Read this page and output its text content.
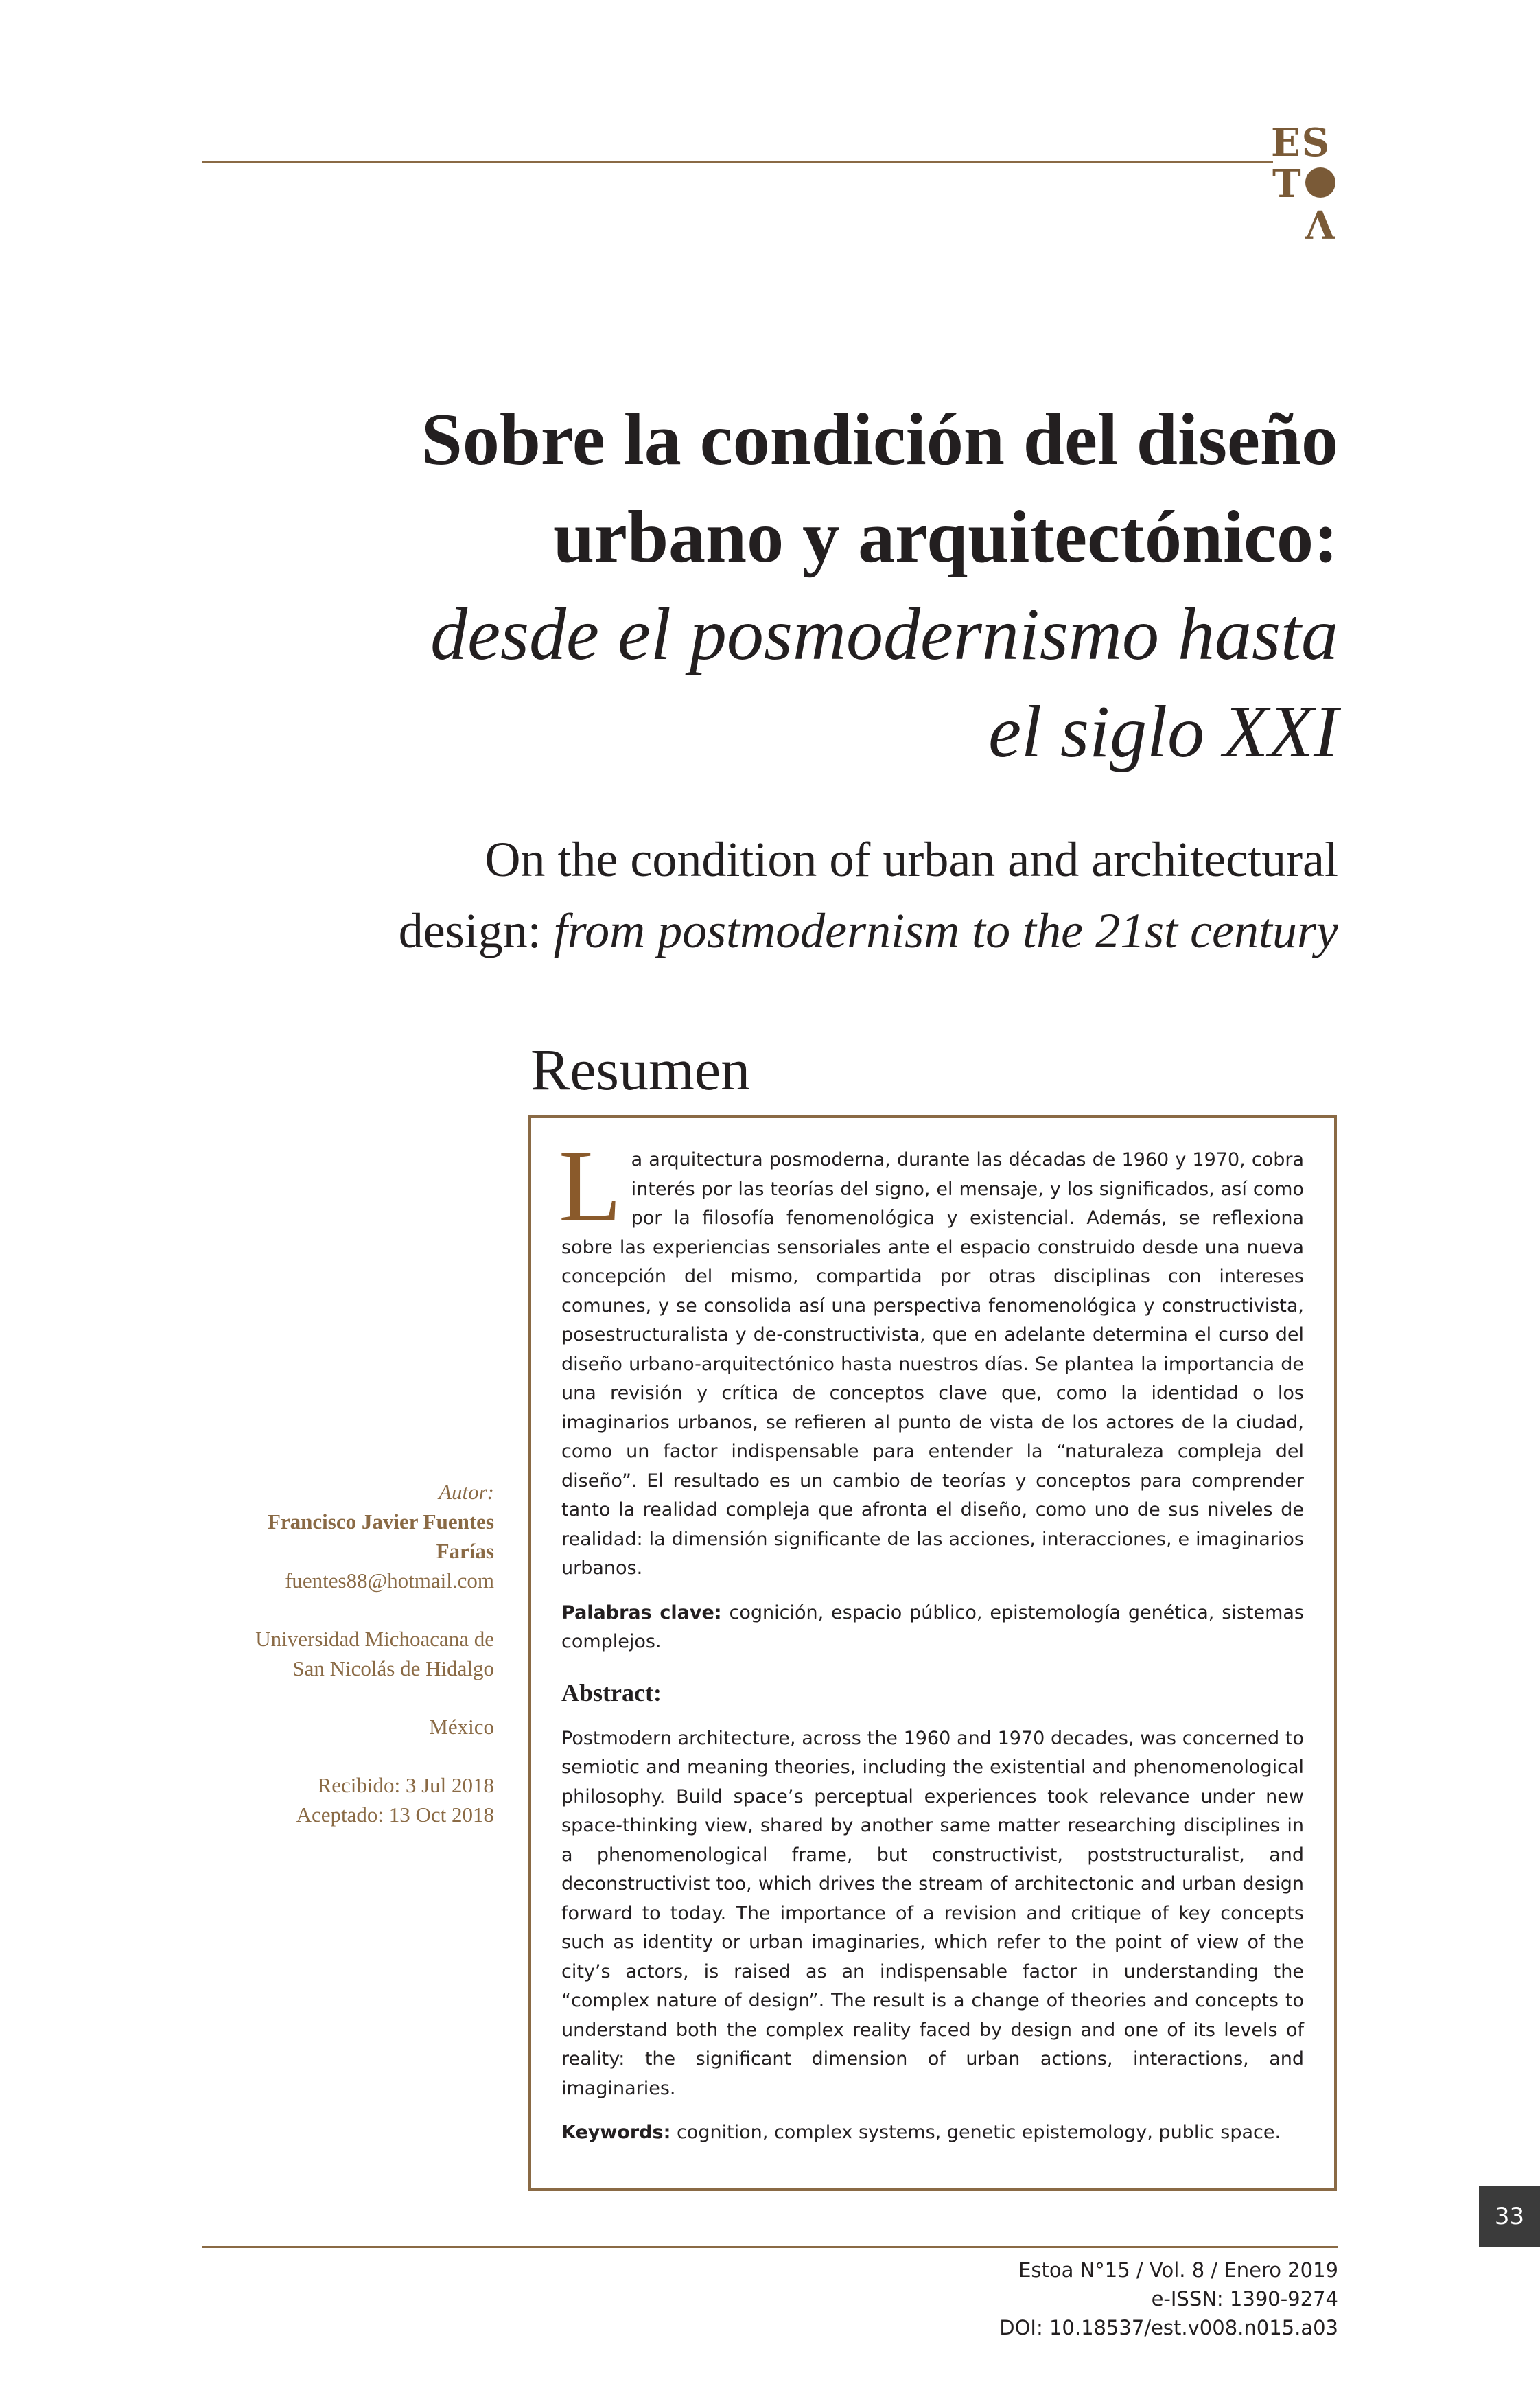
ES
T
V
Sobre la condición del diseño
urbano y arquitectónico:
desde el posmodernismo hasta
el siglo XXI
On the condition of urban and architectural
design: from postmodernism to the 21st century
Resumen

La arquitectura posmoderna, durante las décadas de 1960 y 1970, cobra interés por las teorías del signo, el mensaje, y los significados, así como por la filosofía fenomenológica y existencial. Además, se reflexiona sobre las experiencias sensoriales ante el espacio construido desde una nueva concepción del mismo, compartida por otras disciplinas con intereses comunes, y se consolida así una perspectiva fenomenológica y constructivista, posestructuralista y de-constructivista, que en adelante determina el curso del diseño urbano-arquitectónico hasta nuestros días. Se plantea la importancia de una revisión y crítica de conceptos clave que, como la identidad o los imaginarios urbanos, se refieren al punto de vista de los actores de la ciudad, como un factor indispensable para entender la “naturaleza compleja del diseño”. El resultado es un cambio de teorías y conceptos para comprender tanto la realidad compleja que afronta el diseño, como uno de sus niveles de realidad: la dimensión significante de las acciones, interacciones, e imaginarios urbanos.

Palabras clave: cognición, espacio público, epistemología genética, sistemas complejos.

Abstract:

Postmodern architecture, across the 1960 and 1970 decades, was concerned to semiotic and meaning theories, including the existential and phenomenological philosophy. Build space’s perceptual experiences took relevance under new space-thinking view, shared by another same matter researching disciplines in a phenomenological frame, but constructivist, poststructuralist, and deconstructivist too, which drives the stream of architectonic and urban design forward to today. The importance of a revision and critique of key concepts such as identity or urban imaginaries, which refer to the point of view of the city’s actors, is raised as an indispensable factor in understanding the “complex nature of design”. The result is a change of theories and concepts to understand both the complex reality faced by design and one of its levels of reality: the significant dimension of urban actions, interactions, and imaginaries.

Keywords: cognition, complex systems, genetic epistemology, public space.

Autor:
Francisco Javier Fuentes
Farías
fuentes88@hotmail.com
Universidad Michoacana de
San Nicolás de Hidalgo
México
Recibido: 3 Jul 2018
Aceptado: 13 Oct 2018
33
Estoa N°15 / Vol. 8 / Enero 2019
e-ISSN: 1390-9274
DOI: 10.18537/est.v008.n015.a03
